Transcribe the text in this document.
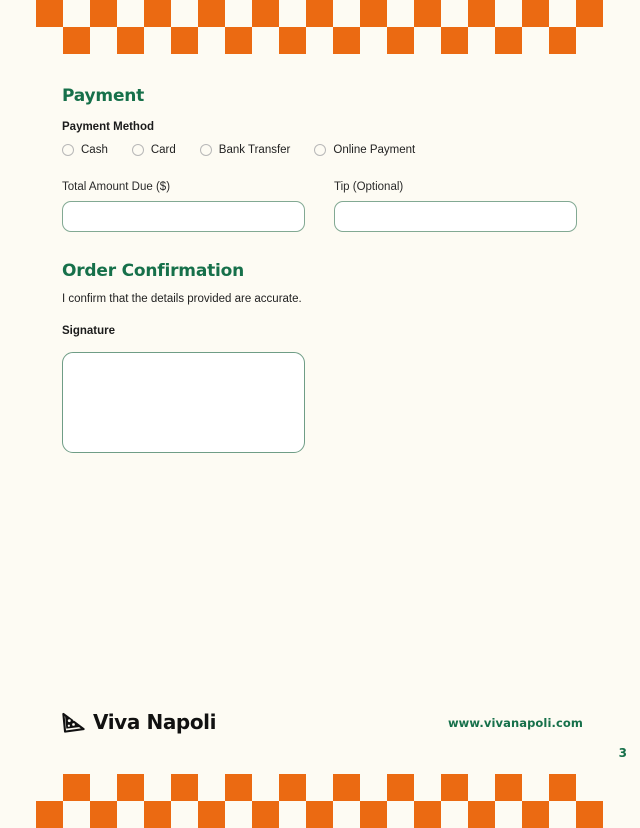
Payment

Payment Method

Cash	Card	Bank Transfer	Online Payment
Total Amount Due ($)	Tip (Optional)
Order Confirmation

I confirm that the details provided are accurate.

Signature

Viva Napoli	www.vivanapoli.com
3
